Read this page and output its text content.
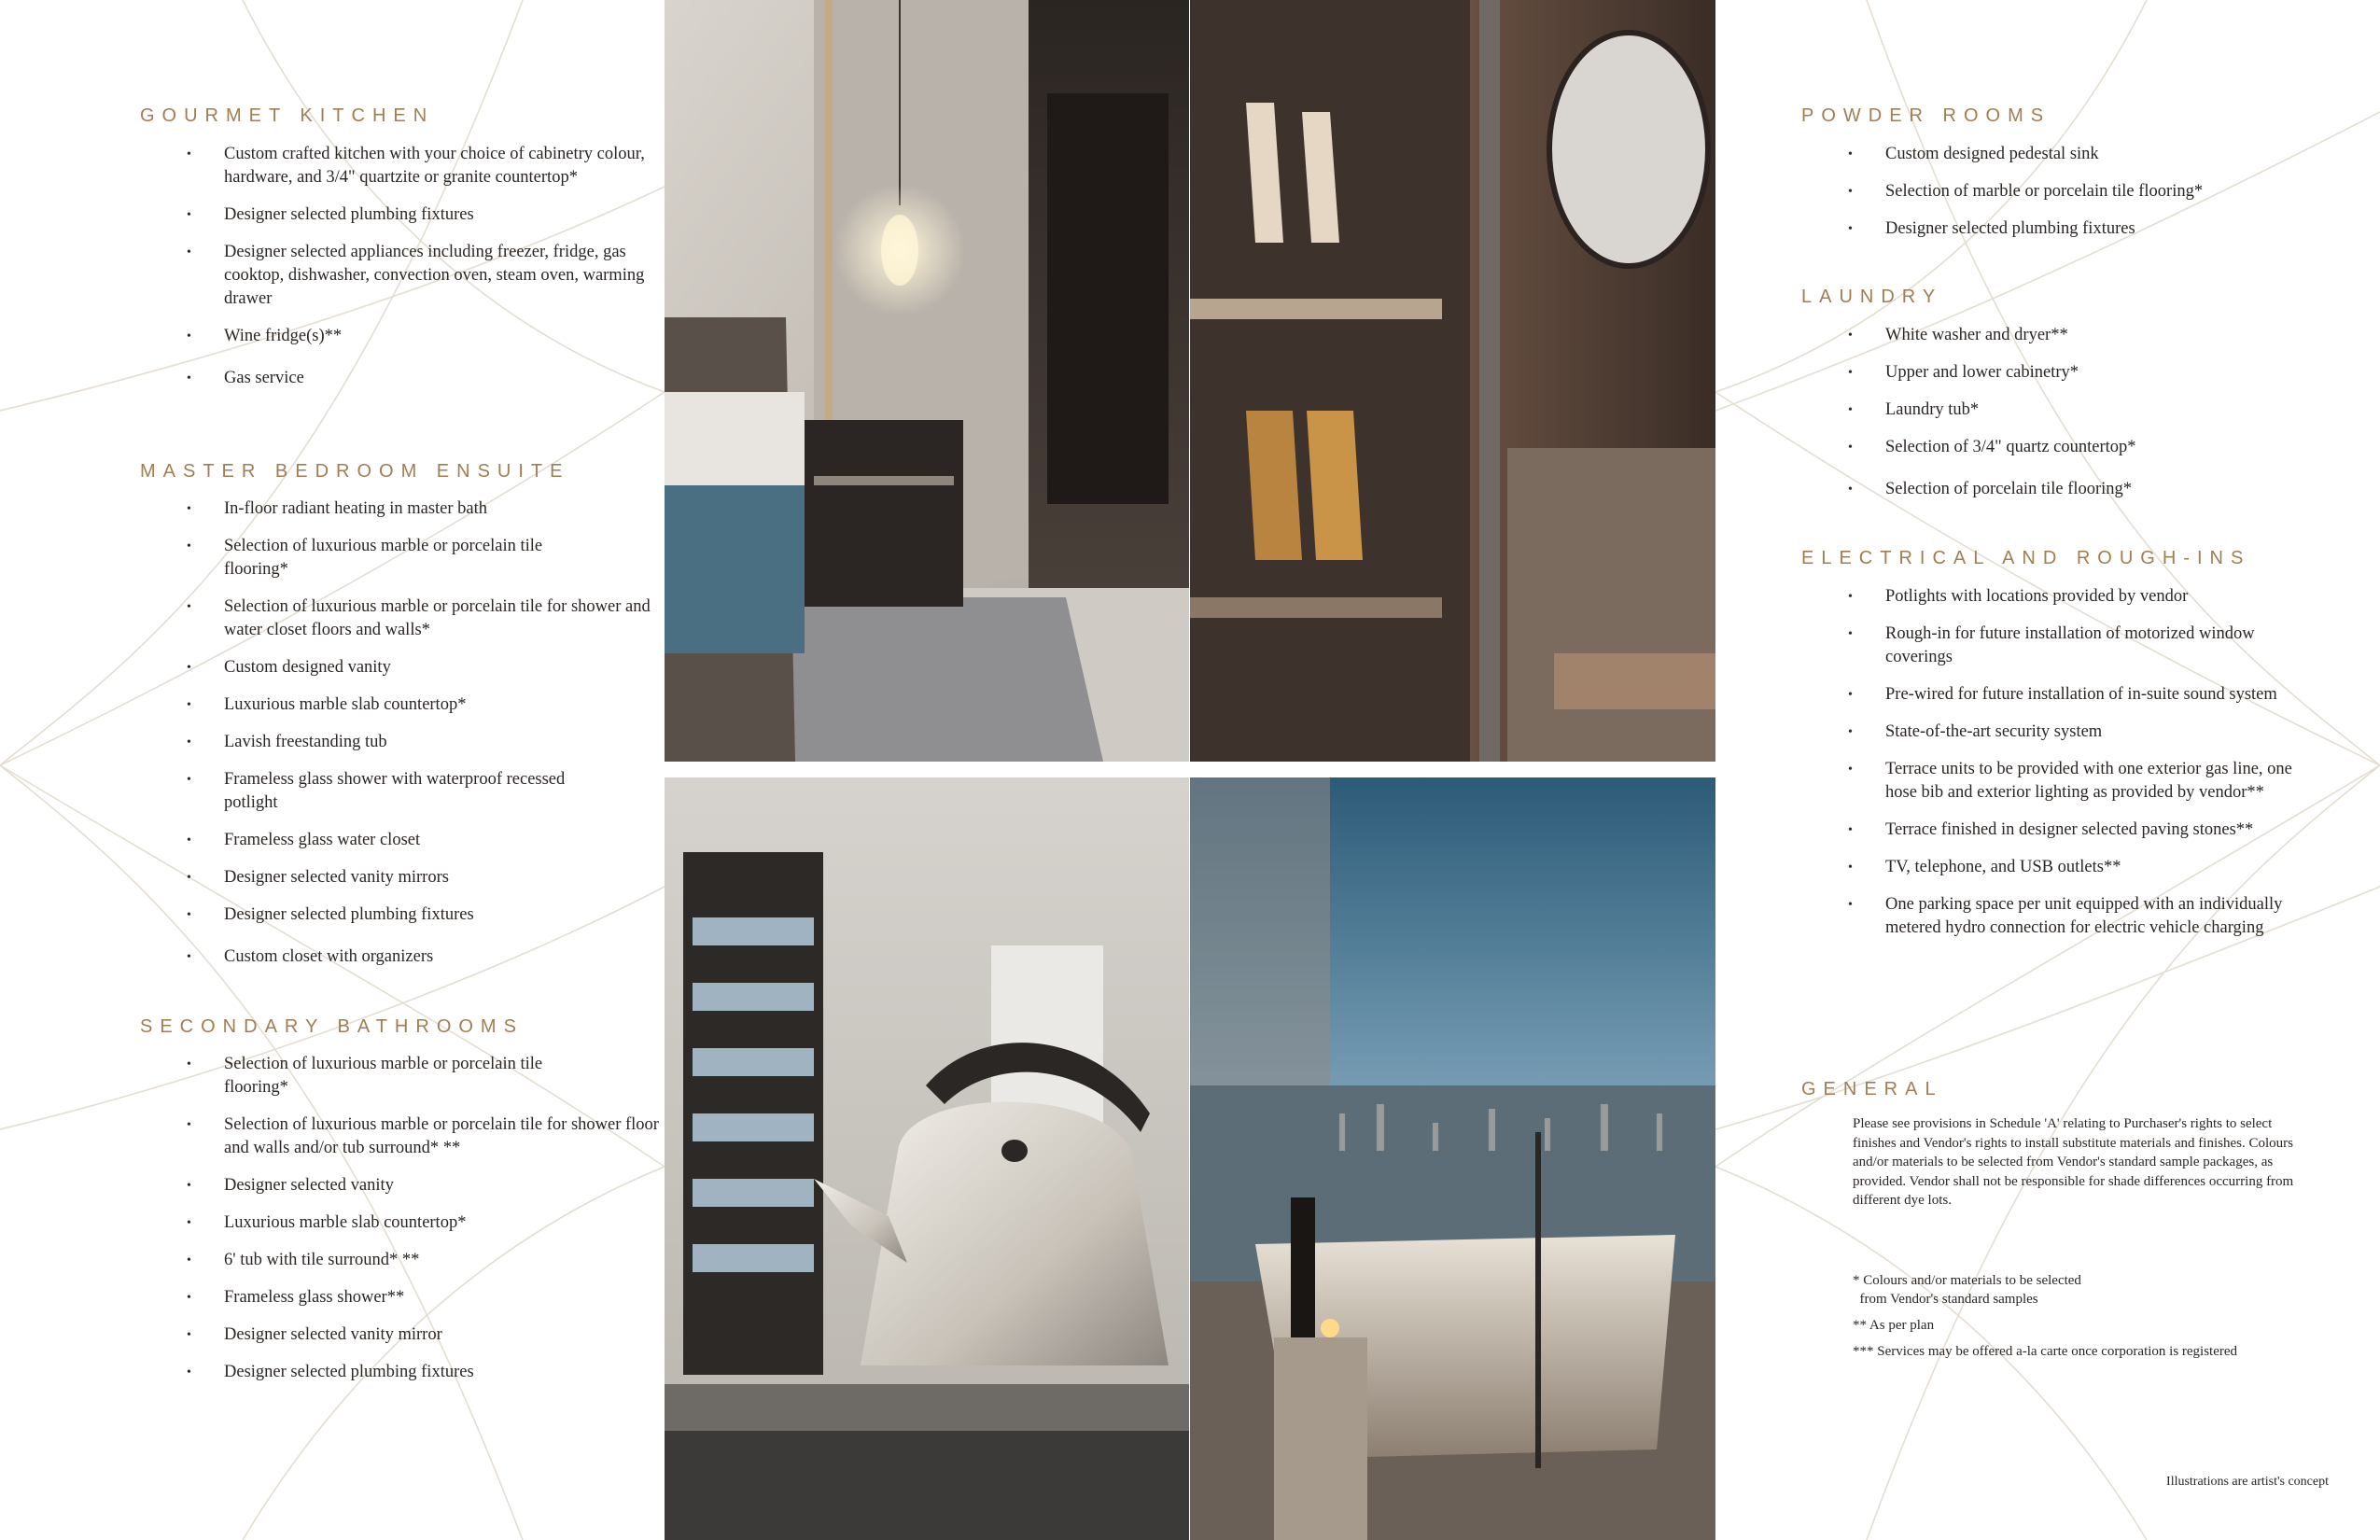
GOURMET KITCHEN
• Custom crafted kitchen with your choice of cabinetry colour, hardware, and 3/4" quartzite or granite countertop*
• Designer selected plumbing fixtures
• Designer selected appliances including freezer, fridge, gas cooktop, dishwasher, convection oven, steam oven, warming drawer
• Wine fridge(s)**
• Gas service
MASTER BEDROOM ENSUITE
• In-floor radiant heating in master bath
• Selection of luxurious marble or porcelain tile flooring*
• Selection of luxurious marble or porcelain tile for shower and water closet floors and walls*
• Custom designed vanity
• Luxurious marble slab countertop*
• Lavish freestanding tub
• Frameless glass shower with waterproof recessed potlight
• Frameless glass water closet
• Designer selected vanity mirrors
• Designer selected plumbing fixtures
• Custom closet with organizers
SECONDARY BATHROOMS
• Selection of luxurious marble or porcelain tile flooring*
• Selection of luxurious marble or porcelain tile for shower floor and walls and/or tub surround* **
• Designer selected vanity
• Luxurious marble slab countertop*
• 6' tub with tile surround* **
• Frameless glass shower**
• Designer selected vanity mirror
• Designer selected plumbing fixtures
POWDER ROOMS
• Custom designed pedestal sink
• Selection of marble or porcelain tile flooring*
• Designer selected plumbing fixtures
LAUNDRY
• White washer and dryer**
• Upper and lower cabinetry*
• Laundry tub*
• Selection of 3/4" quartz countertop*
• Selection of porcelain tile flooring*
ELECTRICAL AND ROUGH-INS
• Potlights with locations provided by vendor
• Rough-in for future installation of motorized window coverings
• Pre-wired for future installation of in-suite sound system
• State-of-the-art security system
• Terrace units to be provided with one exterior gas line, one hose bib and exterior lighting as provided by vendor**
• Terrace finished in designer selected paving stones**
• TV, telephone, and USB outlets**
• One parking space per unit equipped with an individually metered hydro connection for electric vehicle charging
GENERAL

Please see provisions in Schedule 'A' relating to Purchaser's rights to select finishes and Vendor's rights to install substitute materials and finishes. Colours and/or materials to be selected from Vendor's standard sample packages, as provided. Vendor shall not be responsible for shade differences occurring from different dye lots.

* Colours and/or materials to be selected
from Vendor's standard samples
** As per plan
*** Services may be offered a-la carte once corporation is registered
Illustrations are artist's concept
